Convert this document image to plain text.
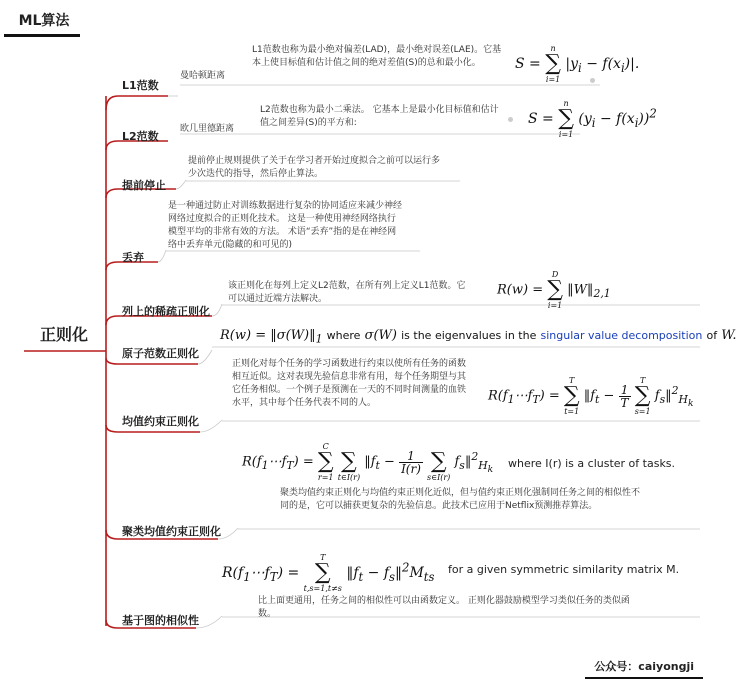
ML算法
正则化
L1范数
曼哈顿距离
L1范数也称为最小绝对偏差(LAD)，最小绝对误差(LAE)。它基本上使目标值和估计值之间的绝对差值(S)的总和最小化。	S =
n
∑
i=1
$|y_i - f(x_i)|$.
L2范数
欧几里德距离
L2范数也称为最小二乘法。 它基本上是最小化目标值和估计值之间差异(S)的平方和:	S =
n
∑
i=1
$(y_i - f(x_i))^2$
提前停止
提前停止规则提供了关于在学习者开始过度拟合之前可以运行多少次迭代的指导，然后停止算法。
丢弃
是一种通过防止对训练数据进行复杂的协同适应来减少神经网络过度拟合的正则化技术。 这是一种使用神经网络执行模型平均的非常有效的方法。 术语“丢弃”指的是在神经网络中丢弃单元(隐藏的和可见的)
列上的稀疏正则化
该正则化在每列上定义L2范数，在所有列上定义L1范数。它可以通过近端方法解决。
R(w) =
D
∑
i=1
$‖W‖_{2,1}$
原子范数正则化
$R(w) = ‖\sigma(W)‖_1$ where σ(W) is the eigenvalues in the singular value decomposition of W.
均值约束正则化
正则化对每个任务的学习函数进行约束以使所有任务的函数相互近似。这对表现先验信息非常有用，每个任务期望与其它任务相似。一个例子是预测在一天的不同时间测量的血铁水平，其中每个任务代表不同的人。	$R(f_1\cdots f_T)$ =
T
∑
t=1
$‖f_t - \frac{1}{T}$

T
∑
s=1
$f_s‖^2_{H_k}$
聚类均值约束正则化
$R(f_1\cdots f_T)$ =
C
∑
r=1

∑
t∈I(r)
$‖f_t - \frac{1}{I(r)}$

∑
s∈I(r)
$f_s‖^2_{H_k}$
where I(r) is a cluster of tasks.
聚类均值约束正则化与均值约束正则化近似，但与值约束正则化强制同任务之间的相似性不同的是，它可以捕获更复杂的先验信息。此技术已应用于Netflix预测推荐算法。
基于图的相似性
$R(f_1\cdots f_T)$ =
T
∑
t,s=1,t≠s
$‖f_t$ − $f_s‖^2M_{ts}$
for a given symmetric similarity matrix M.
比上面更通用，任务之间的相似性可以由函数定义。 正则化器鼓励模型学习类似任务的类似函数。
公众号：caiyongji
